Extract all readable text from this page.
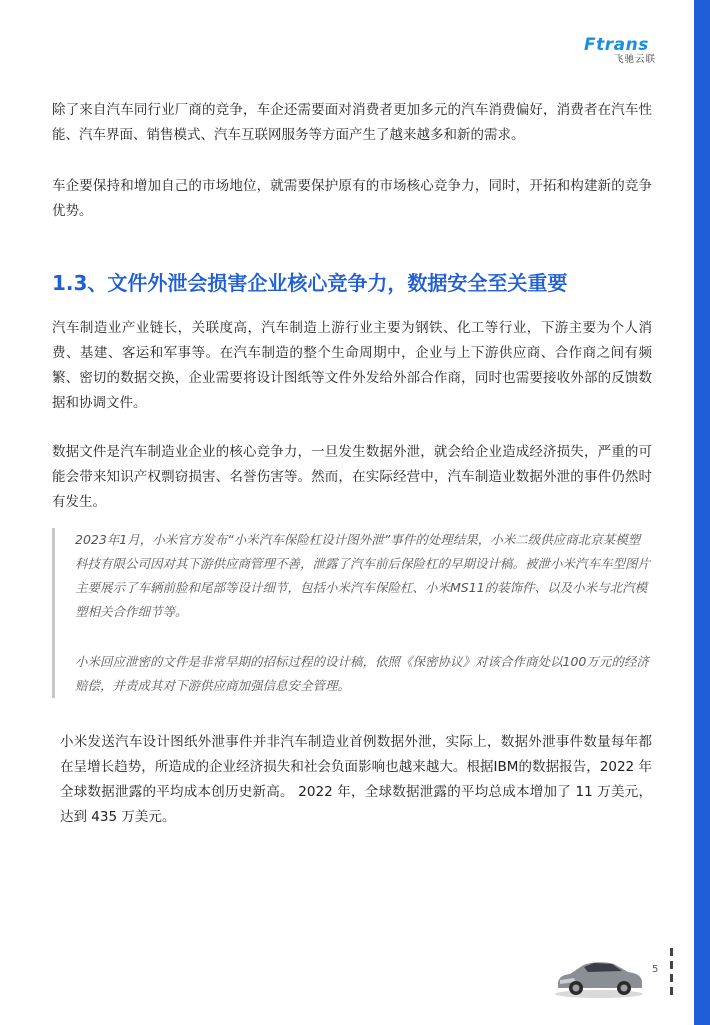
Ftrans
飞驰云联

除了来自汽车同行业厂商的竞争，车企还需要面对消费者更加多元的汽车消费偏好，消费者在汽车性能、汽车界面、销售模式、汽车互联网服务等方面产生了越来越多和新的需求。

车企要保持和增加自己的市场地位，就需要保护原有的市场核心竞争力，同时，开拓和构建新的竞争优势。

1.3、文件外泄会损害企业核心竞争力，数据安全至关重要

汽车制造业产业链长，关联度高，汽车制造上游行业主要为钢铁、化工等行业，下游主要为个人消费、基建、客运和军事等。在汽车制造的整个生命周期中，企业与上下游供应商、合作商之间有频繁、密切的数据交换，企业需要将设计图纸等文件外发给外部合作商，同时也需要接收外部的反馈数据和协调文件。

数据文件是汽车制造业企业的核心竞争力，一旦发生数据外泄，就会给企业造成经济损失，严重的可能会带来知识产权剽窃损害、名誉伤害等。然而，在实际经营中，汽车制造业数据外泄的事件仍然时有发生。

2023年1月，小米官方发布“小米汽车保险杠设计图外泄”事件的处理结果，小米二级供应商北京某模塑科技有限公司因对其下游供应商管理不善，泄露了汽车前后保险杠的早期设计稿。被泄小米汽车车型图片主要展示了车辆前脸和尾部等设计细节，包括小米汽车保险杠、小米MS11的装饰件、以及小米与北汽模塑相关合作细节等。

小米回应泄密的文件是非常早期的招标过程的设计稿，依照《保密协议》对该合作商处以100万元的经济赔偿，并责成其对下游供应商加强信息安全管理。

小米发送汽车设计图纸外泄事件并非汽车制造业首例数据外泄，实际上，数据外泄事件数量每年都在呈增长趋势，所造成的企业经济损失和社会负面影响也越来越大。根据IBM的数据报告，2022 年全球数据泄露的平均成本创历史新高。 2022 年，全球数据泄露的平均总成本增加了 11 万美元，达到 435 万美元。

5
